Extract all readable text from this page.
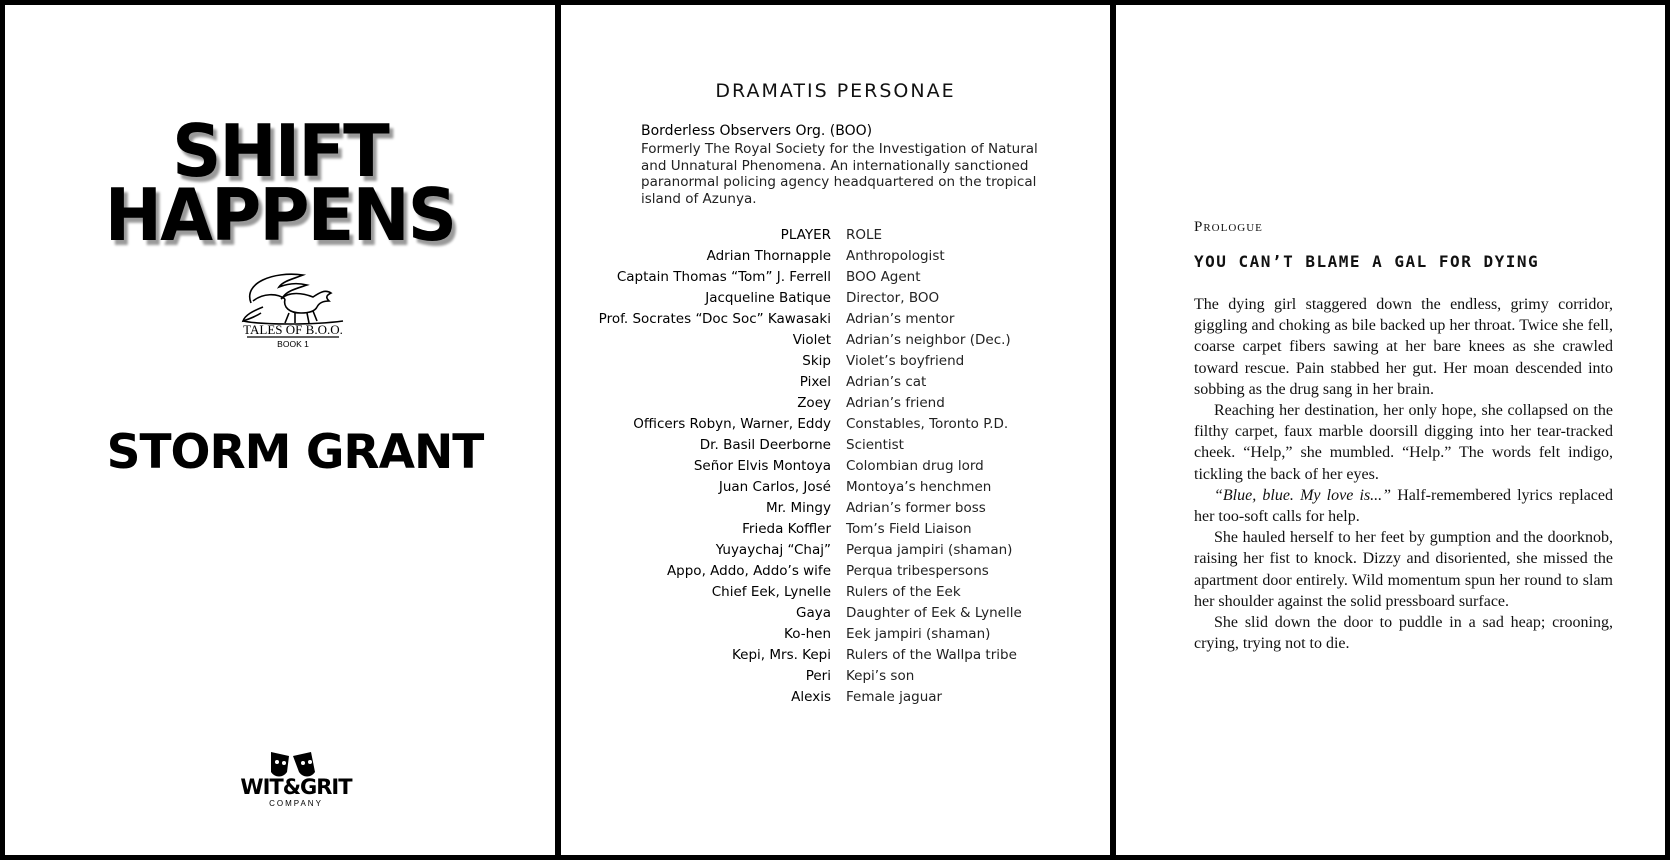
SHIFT
HAPPENS
TALES OF B.O.O.
BOOK 1
STORM GRANT
WIT&GRIT
COMPANY
DRAMATIS PERSONAE
Borderless Observers Org. (BOO)
Formerly The Royal Society for the Investigation of Natural and Unnatural Phenomena. An internationally sanctioned paranormal policing agency headquartered on the tropical island of Azunya.
PLAYER ROLE
Adrian Thornapple Anthropologist
Captain Thomas “Tom” J. Ferrell BOO Agent
Jacqueline Batique Director, BOO
Prof. Socrates “Doc Soc” Kawasaki Adrian’s mentor
Violet Adrian’s neighbor (Dec.)
Skip Violet’s boyfriend
Pixel Adrian’s cat
Zoey Adrian’s friend
Officers Robyn, Warner, Eddy Constables, Toronto P.D.
Dr. Basil Deerborne Scientist
Señor Elvis Montoya Colombian drug lord
Juan Carlos, José Montoya’s henchmen
Mr. Mingy Adrian’s former boss
Frieda Koffler Tom’s Field Liaison
Yuyaychaj “Chaj” Perqua jampiri (shaman)
Appo, Addo, Addo’s wife Perqua tribespersons
Chief Eek, Lynelle Rulers of the Eek
Gaya Daughter of Eek & Lynelle
Ko-hen Eek jampiri (shaman)
Kepi, Mrs. Kepi Rulers of the Wallpa tribe
Peri Kepi’s son
Alexis Female jaguar
Prologue
YOU CAN’T BLAME A GAL FOR DYING

The dying girl staggered down the endless, grimy corridor, giggling and choking as bile backed up her throat. Twice she fell, coarse carpet fibers sawing at her bare knees as she crawled toward rescue. Pain stabbed her gut. Her moan descended into sobbing as the drug sang in her brain.

Reaching her destination, her only hope, she collapsed on the filthy carpet, faux marble doorsill digging into her tear-tracked cheek. “Help,” she mumbled. “Help.” The words felt indigo, tickling the back of her eyes.

“Blue, blue. My love is...” Half-remembered lyrics replaced her too-soft calls for help.

She hauled herself to her feet by gumption and the doorknob, raising her fist to knock. Dizzy and disoriented, she missed the apartment door entirely. Wild momentum spun her round to slam her shoulder against the solid pressboard surface.

She slid down the door to puddle in a sad heap; crooning, crying, trying not to die.
